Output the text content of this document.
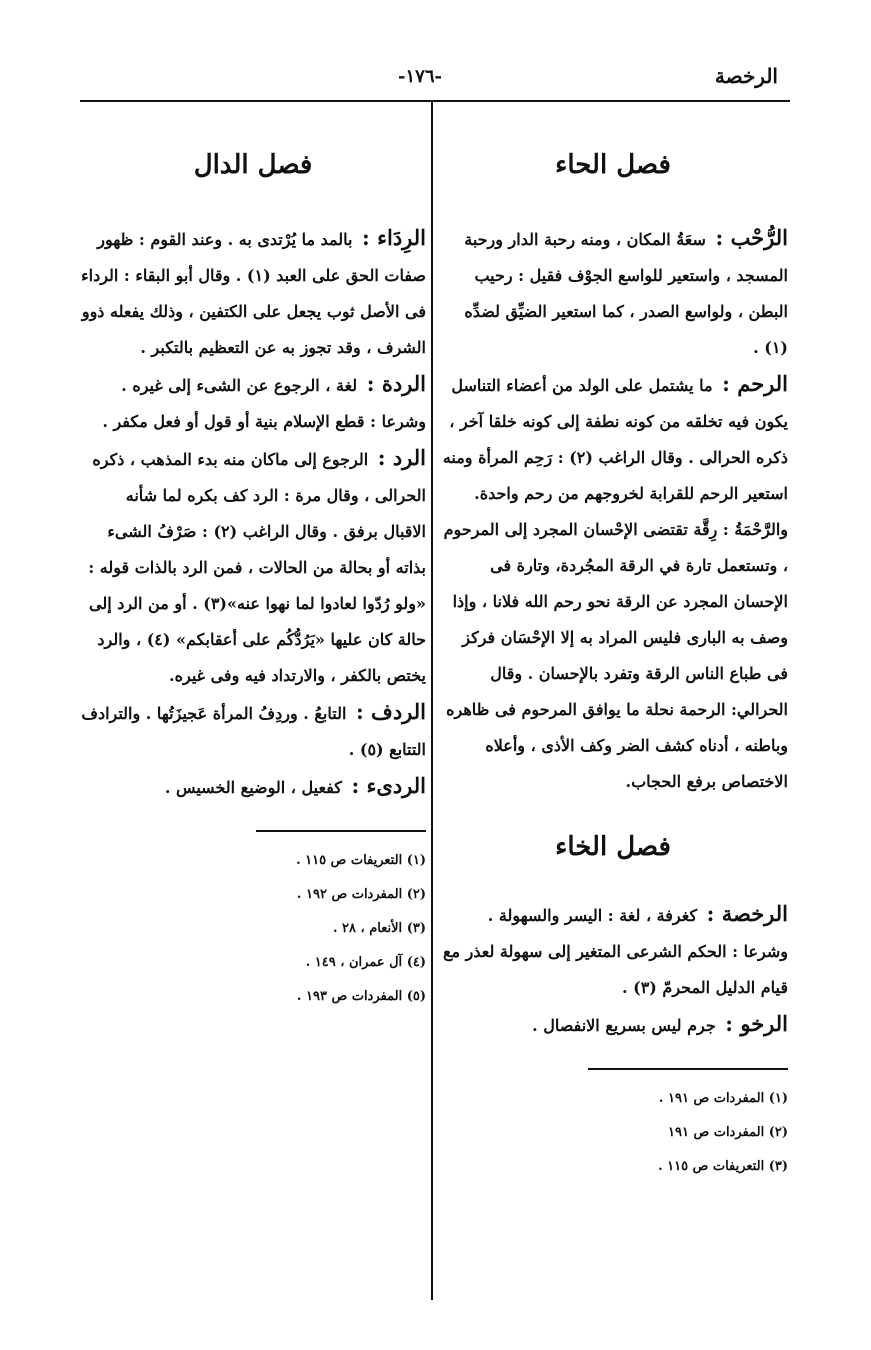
الرخصة
-١٧٦-
فصل الحاء
الرُّحْب : سعَةُ المكان ، ومنه رحبة الدار ورحبة المسجد ، واستعير للواسع الجوْف فقيل : رحيب البطن ، ولواسع الصدر ، كما استعير الضيِّق لضدِّه (١) .
الرحم : ما يشتمل على الولد من أعضاء التناسل يكون فيه تخلقه من كونه نطفة إلى كونه خلقا آخر ، ذكره الحرالى . وقال الراغب (٢) : رَحِم المرأة ومنه استعير الرحم للقرابة لخروجهم من رحم واحدة. والرَّحْمَةُ : رِقَّة تقتضى الإحْسان المجرد إلى المرحوم ، وتستعمل تارة في الرقة المجُردة، وتارة فى الإحسان المجرد عن الرقة نحو رحم الله فلانا ، وإذا وصف به البارى فليس المراد به إلا الإحْسَان فركز فى طباع الناس الرقة وتفرد بالإحسان . وقال الحرالي: الرحمة نحلة ما يوافق المرحوم فى ظاهره وباطنه ، أدناه كشف الضر وكف الأذى ، وأعلاه الاختصاص برفع الحجاب.
فصل الخاء
الرخصة : كغرفة ، لغة : اليسر والسهولة . وشرعا : الحكم الشرعى المتغير إلى سهولة لعذر مع قيام الدليل المحرمّ (٣) .
الرخو : جرم ليس بسريع الانفصال .
(١) المفردات ص ١٩١ .
(٢) المفردات ص ١٩١
(٣) التعريفات ص ١١٥ .
فصل الدال
الرِدَاء : بالمد ما يُرْتدى به . وعند القوم : ظهور صفات الحق على العبد (١) . وقال أبو البقاء : الرداء فى الأصل ثوب يجعل على الكتفين ، وذلك يفعله ذوو الشرف ، وقد تجوز به عن التعظيم بالتكبر .
الردة : لغة ، الرجوع عن الشىء إلى غيره . وشرعا : قطع الإسلام بنية أو قول أو فعل مكفر .
الرد : الرجوع إلى ماكان منه بدء المذهب ، ذكره الحرالى ، وقال مرة : الرد كف بكره لما شأنه الاقبال برفق . وقال الراغب (٢) : صَرْفُ الشىء بذاته أو بحالة من الحالات ، فمن الرد بالذات قوله : «ولو رُدّوا لعادوا لما نهوا عنه»(٣) . أو من الرد إلى حالة كان عليها «يَرُدُّكُم على أعقابكم» (٤) ، والرد يختص بالكفر ، والارتداد فيه وفى غيره.
الردف : التابعُ . وردِفُ المرأة عَجيزَتُها . والترادف التتابع (٥) .
الردىء : كفعيل ، الوضيع الخسيس .
(١) التعريفات ص ١١٥ .
(٢) المفردات ص ١٩٢ .
(٣) الأنعام ، ٢٨ .
(٤) آل عمران ، ١٤٩ .
(٥) المفردات ص ١٩٣ .
